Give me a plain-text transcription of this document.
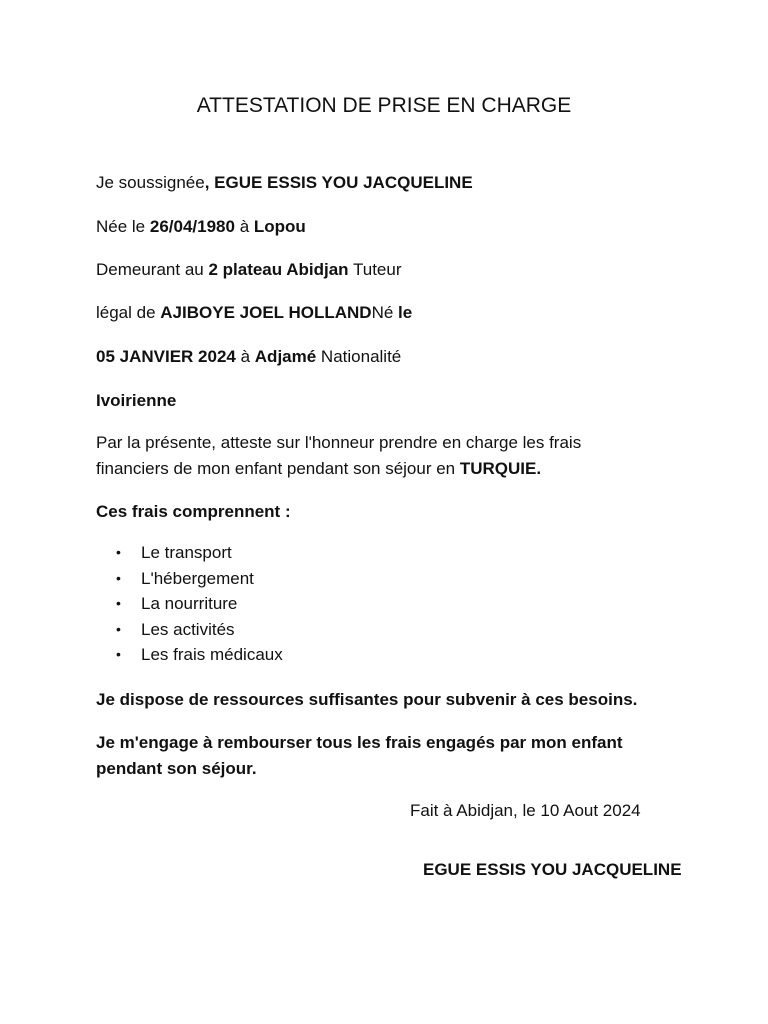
ATTESTATION DE PRISE EN CHARGE

Je soussignée, EGUE ESSIS YOU JACQUELINE

Née le 26/04/1980 à Lopou

Demeurant au 2 plateau Abidjan Tuteur

légal de AJIBOYE JOEL HOLLANDNé le

05 JANVIER 2024 à Adjamé Nationalité

Ivoirienne

Par la présente, atteste sur l'honneur prendre en charge les frais financiers de mon enfant pendant son séjour en TURQUIE.

Ces frais comprennent :

• Le transport
• L'hébergement
• La nourriture
• Les activités
• Les frais médicaux

Je dispose de ressources suffisantes pour subvenir à ces besoins.

Je m'engage à rembourser tous les frais engagés par mon enfant pendant son séjour.

Fait à Abidjan, le 10 Aout 2024

EGUE ESSIS YOU JACQUELINE
